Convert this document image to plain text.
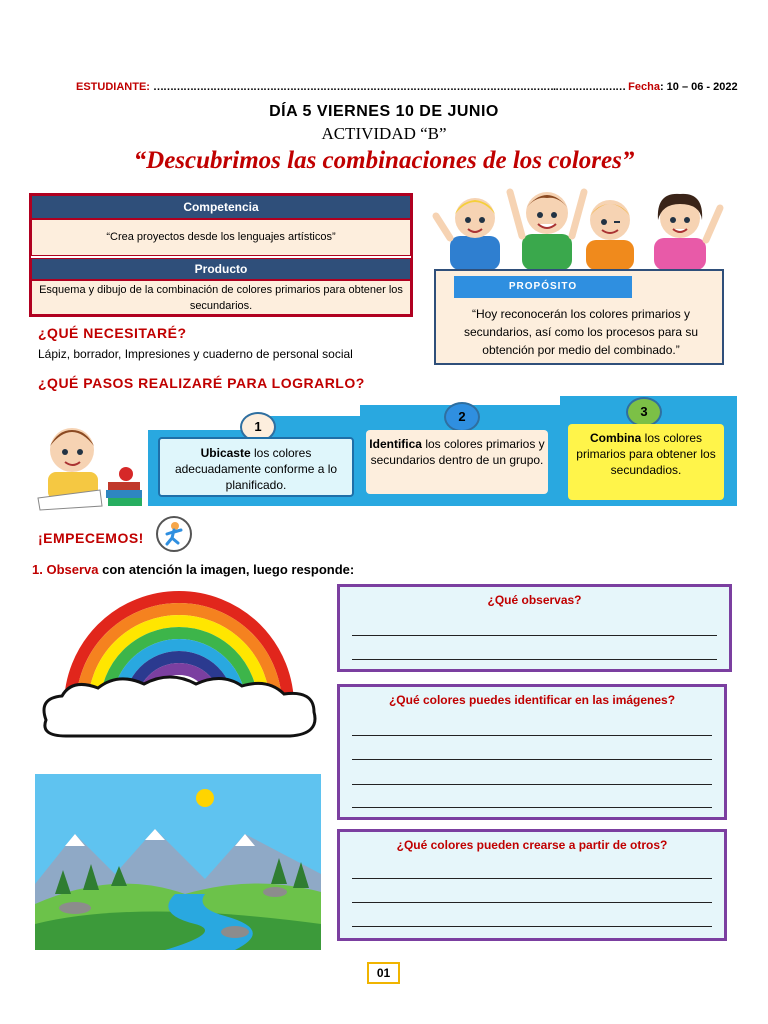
ESTUDIANTE: ………………………………………………………………………………………………………….………………… Fecha: 10 – 06 - 2022
DÍA 5 VIERNES 10 DE JUNIO
ACTIVIDAD “B”
“Descubrimos las combinaciones de los colores”
Competencia
“Crea proyectos desde los lenguajes artísticos”
Producto
Esquema y dibujo de la combinación de colores primarios para obtener los secundarios.
PROPÓSITO
“Hoy reconocerán los colores primarios y secundarios, así como los procesos para su obtención por medio del combinado.”
¿QUÉ NECESITARÉ?
Lápiz, borrador, Impresiones y cuaderno de personal social
¿QUÉ PASOS REALIZARÉ PARA LOGRARLO?
1
2	3
Ubicaste los colores adecuadamente conforme a lo planificado.
Identifica los colores primarios y secundarios dentro de un grupo.
Combina los colores primarios para obtener los secundadios.
¡EMPECEMOS!
1. Observa con atención la imagen, luego responde:
¿Qué observas?
¿Qué colores puedes identificar en las imágenes?
¿Qué colores pueden crearse a partir de otros?
01
